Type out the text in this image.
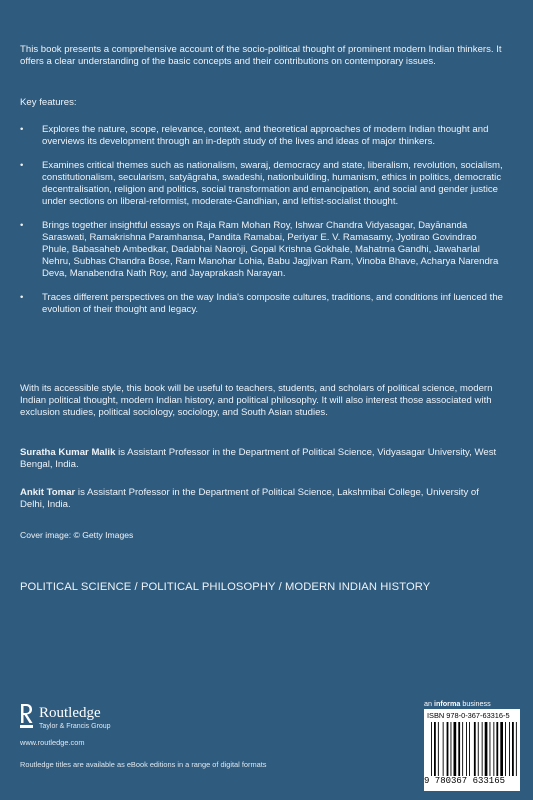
This book presents a comprehensive account of the socio-political thought of prominent modern Indian thinkers. It offers a clear understanding of the basic concepts and their contributions on contemporary issues.

Key features:

• Explores the nature, scope, relevance, context, and theoretical approaches of modern Indian thought and overviews its development through an in-depth study of the lives and ideas of major thinkers.
• Examines critical themes such as nationalism, swaraj, democracy and state, liberalism, revolution, socialism, constitutionalism, secularism, satyāgraha, swadeshi, nationbuilding, humanism, ethics in politics, democratic decentralisation, religion and politics, social transformation and emancipation, and social and gender justice under sections on liberal-reformist, moderate-Gandhian, and leftist-socialist thought.
• Brings together insightful essays on Raja Ram Mohan Roy, Ishwar Chandra Vidyasagar, Dayānanda Saraswati, Ramakrishna Paramhansa, Pandita Ramabai, Periyar E. V. Ramasamy, Jyotirao Govindrao Phule, Babasaheb Ambedkar, Dadabhai Naoroji, Gopal Krishna Gokhale, Mahatma Gandhi, Jawaharlal Nehru, Subhas Chandra Bose, Ram Manohar Lohia, Babu Jagjivan Ram, Vinoba Bhave, Acharya Narendra Deva, Manabendra Nath Roy, and Jayaprakash Narayan.
• Traces different perspectives on the way India's composite cultures, traditions, and conditions inf luenced the evolution of their thought and legacy.

With its accessible style, this book will be useful to teachers, students, and scholars of political science, modern Indian political thought, modern Indian history, and political philosophy. It will also interest those associated with exclusion studies, political sociology, sociology, and South Asian studies.

Suratha Kumar Malik is Assistant Professor in the Department of Political Science, Vidyasagar University, West Bengal, India.

Ankit Tomar is Assistant Professor in the Department of Political Science, Lakshmibai College, University of Delhi, India.

Cover image: © Getty Images

POLITICAL SCIENCE / POLITICAL PHILOSOPHY / MODERN INDIAN HISTORY
Routledge
Taylor & Francis Group
www.routledge.com
Routledge titles are available as eBook editions in a range of digital formats
an informa business
ISBN 978-0-367-63316-5
9 780367 633165
